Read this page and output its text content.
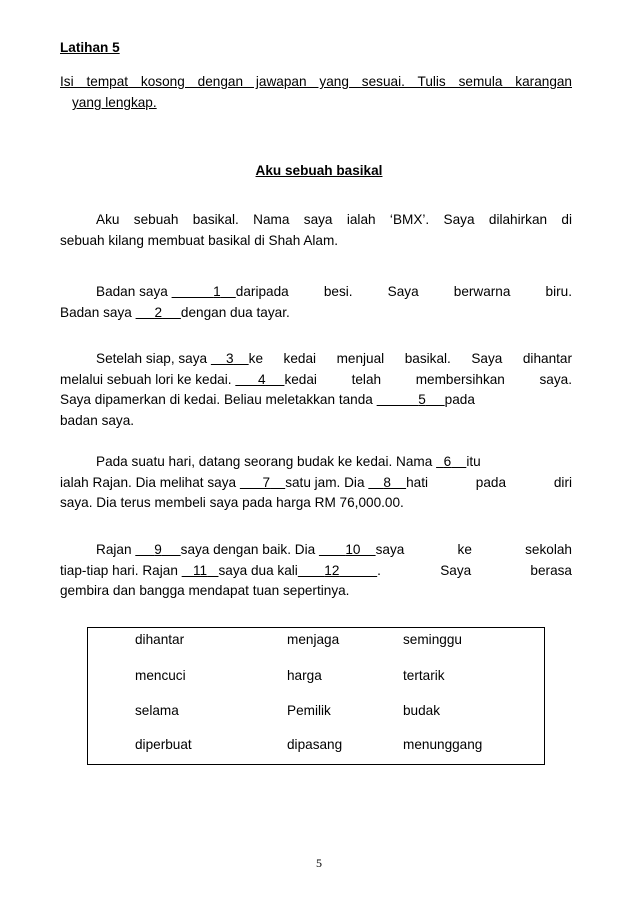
Latihan 5
Isi tempat kosong dengan jawapan yang sesuai. Tulis semula karangan
yang lengkap.
Aku sebuah basikal
Aku sebuah basikal. Nama saya ialah ‘BMX’. Saya dilahirkan di
sebuah kilang membuat basikal di Shah Alam.
Badan saya	1	daripada besi. Saya berwarna biru.
Badan saya      2 dengan dua tayar.
Setelah siap, saya	3	ke kedai menjual basikal. Saya dihantar
melalui sebuah lori ke kedai.	4	kedai telah membersihkan saya.
Saya dipamerkan di kedai. Beliau meletakkan tanda	5 pada
badan saya.
Pada suatu hari, datang seorang budak ke kedai. Nama   6 itu
ialah Rajan. Dia melihat saya	7	satu jam. Dia	8	hati pada diri
saya. Dia terus membeli saya pada harga RM 76,000.00.
Rajan	9	saya dengan baik. Dia	10	saya ke sekolah
tiap-tiap hari. Rajan 11 saya dua kali	12	. Saya berasa
gembira dan bangga mendapat tuan sepertinya.
dihantar	menjaga	seminggu
mencuci	harga	tertarik
selama	Pemilik	budak
diperbuat	dipasang	menunggang
5
